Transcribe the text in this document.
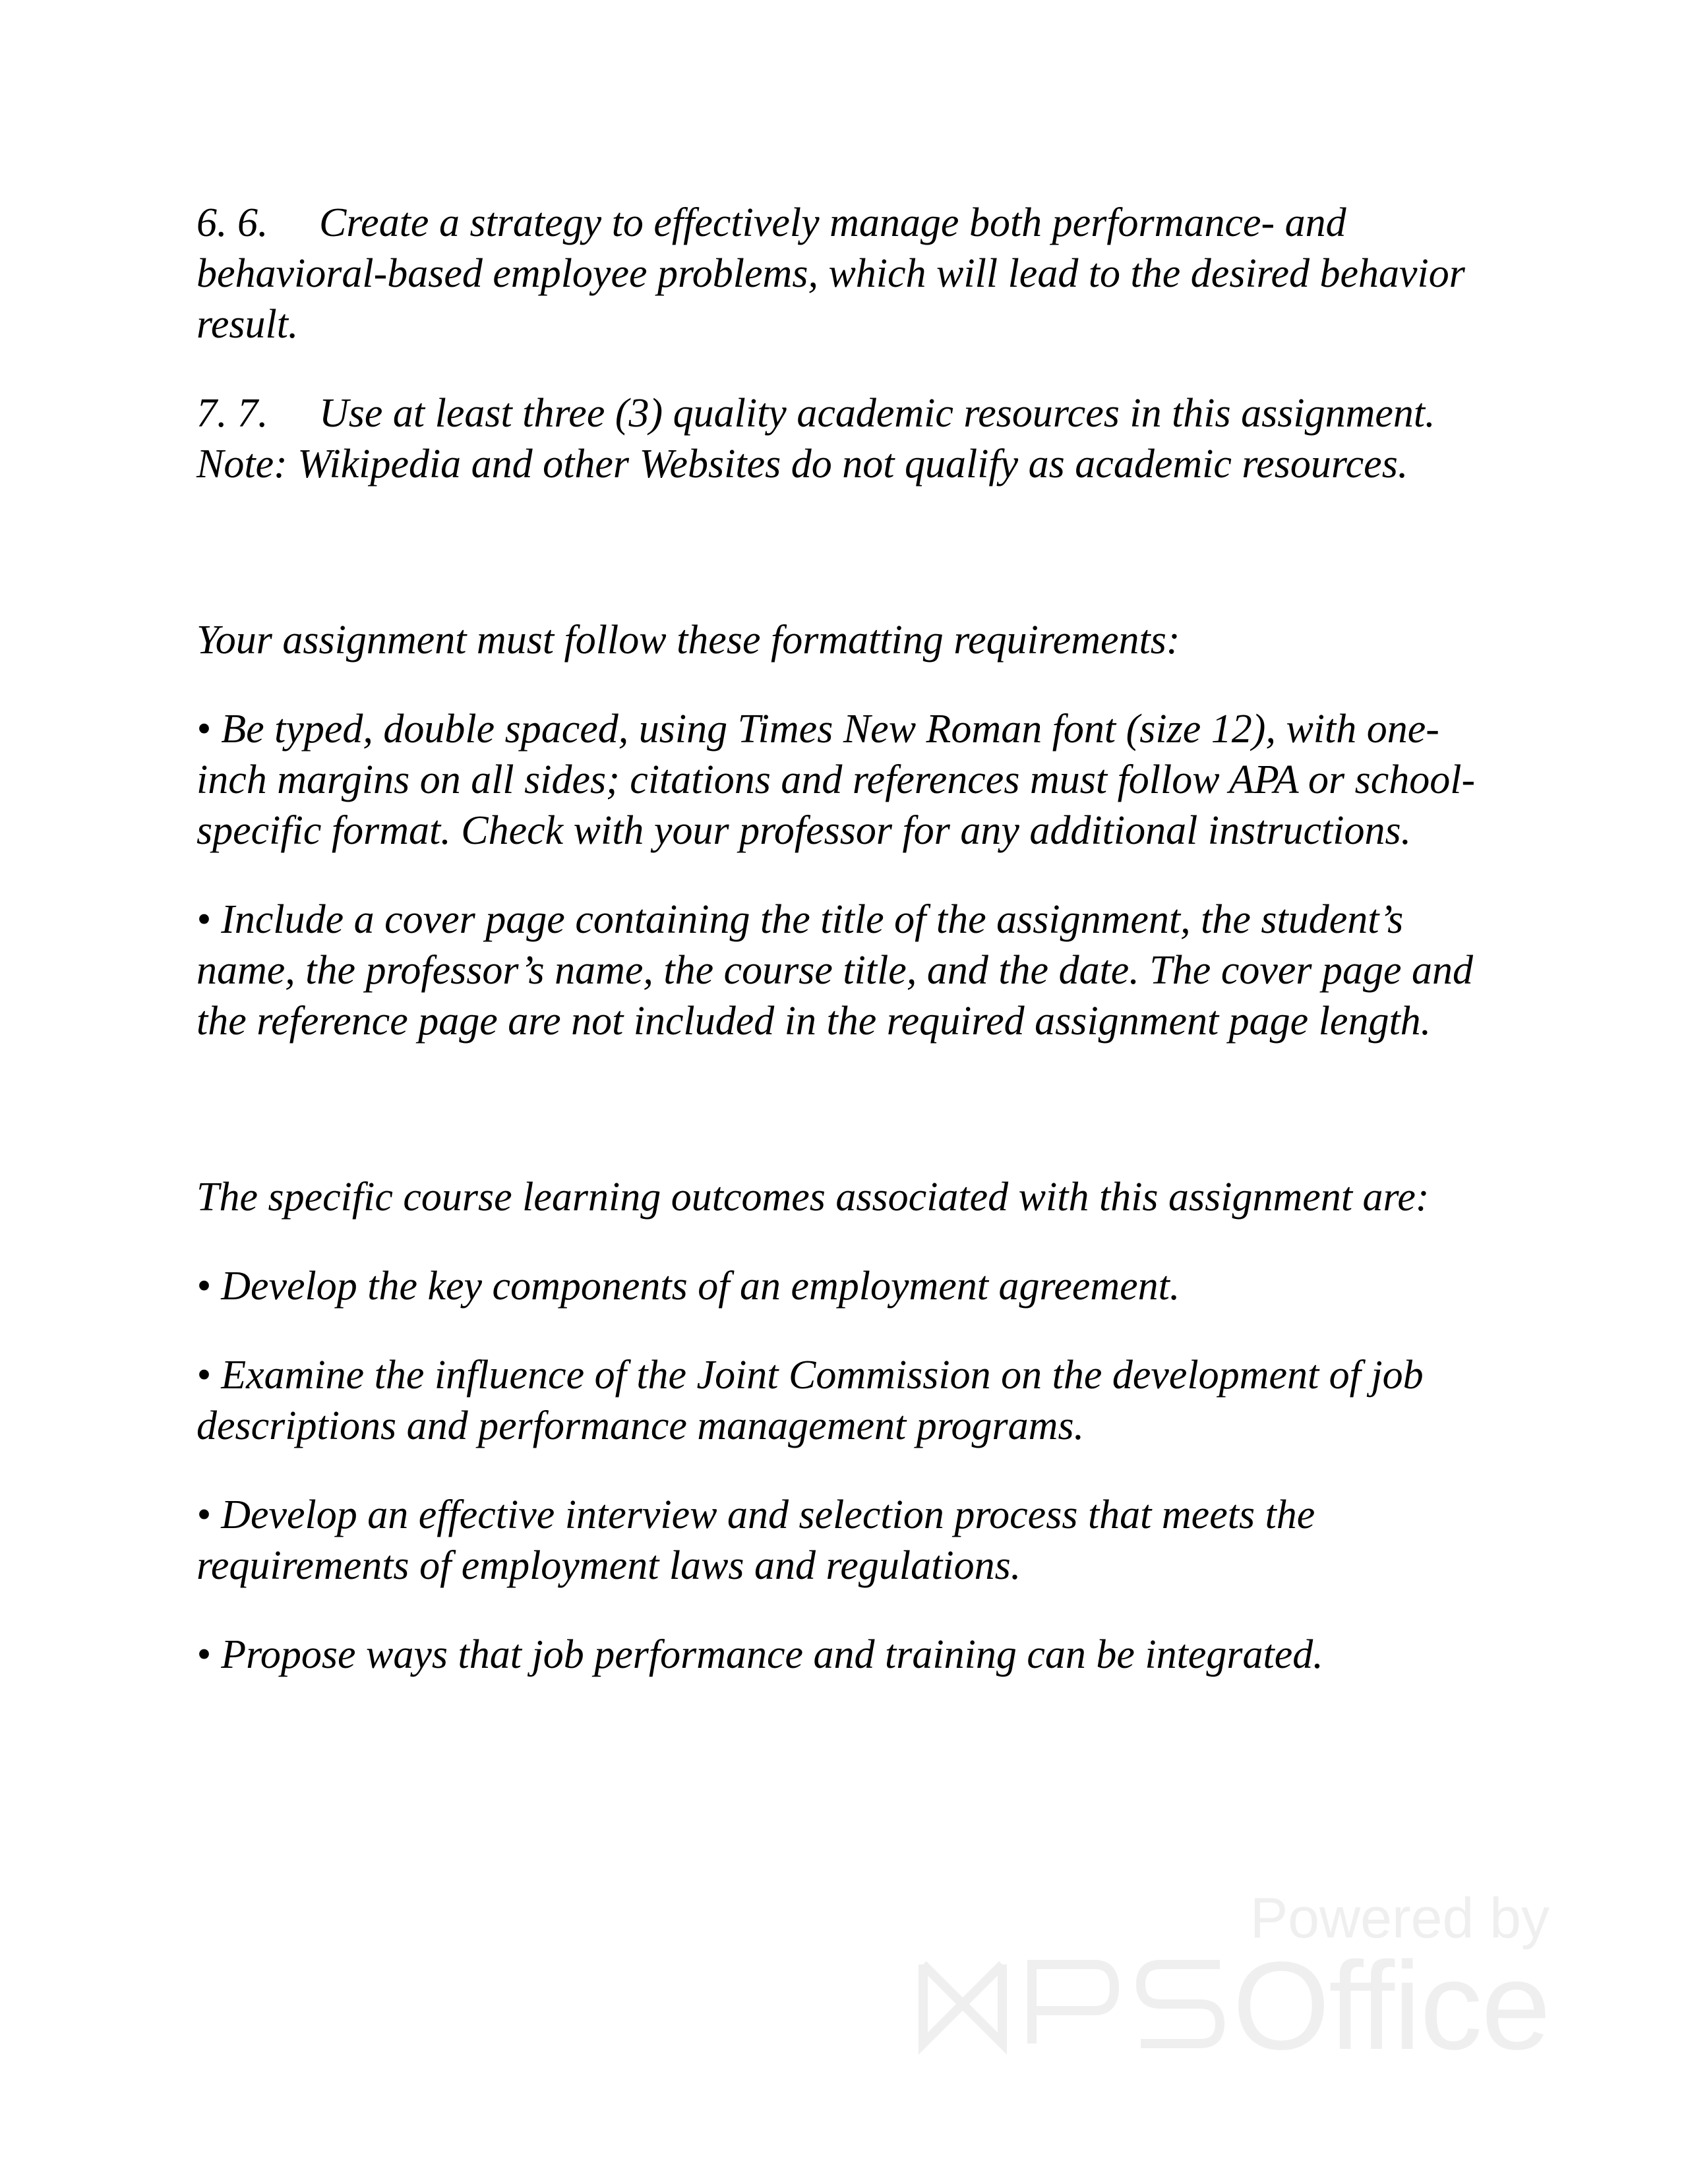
6. 6. Create a strategy to effectively manage both performance- and behavioral-based employee problems, which will lead to the desired behavior result.

7. 7. Use at least three (3) quality academic resources in this assignment. Note: Wikipedia and other Websites do not qualify as academic resources.

Your assignment must follow these formatting requirements:

• Be typed, double spaced, using Times New Roman font (size 12), with one-inch margins on all sides; citations and references must follow APA or school-specific format. Check with your professor for any additional instructions.

• Include a cover page containing the title of the assignment, the student’s name, the professor’s name, the course title, and the date. The cover page and the reference page are not included in the required assignment page length.

The specific course learning outcomes associated with this assignment are:

• Develop the key components of an employment agreement.

• Examine the influence of the Joint Commission on the development of job descriptions and performance management programs.

• Develop an effective interview and selection process that meets the requirements of employment laws and regulations.

• Propose ways that job performance and training can be integrated.

Powered by
Office
